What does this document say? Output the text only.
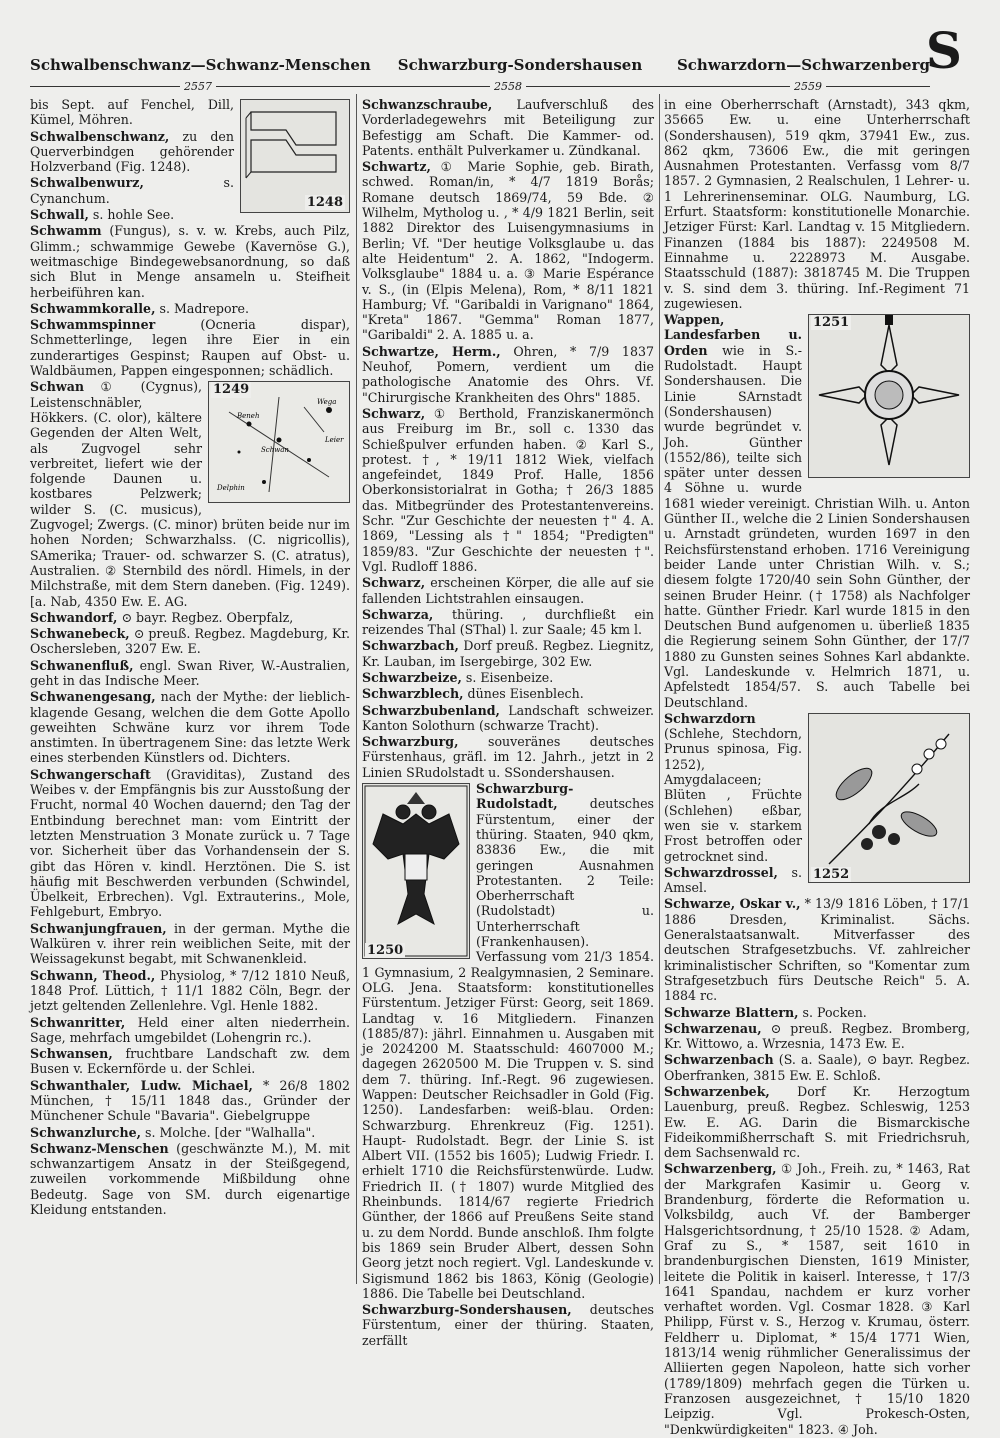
Schwalbenschwanz—Schwanz-Menschen	Schwarzburg-Sondershausen	Schwarzdorn—Schwarzenberg
S
2557	2558	2559
1248

bis Sept. auf Fenchel, Dill, Kümel, Möhren.

Schwalbenschwanz, zu den Querverbindgen gehörender Holzverband (Fig. 1248).

Schwalbenwurz,	s. Cynanchum.

Schwall, s. hohle See.

Schwamm (Fungus), s. v. w. Krebs, auch Pilz, Glimm.; schwammige Gewebe (Kavernöse G.), weitmaschige Bindegewebsanordnung, so daß sich Blut in Menge ansameln u. Steifheit herbeiführen kan.

Schwammkoralle, s. Madrepore.

Schwammspinner	(Ocneria dispar), Schmetterlinge, legen ihre Eier in ein zunderartiges Gespinst; Raupen auf Obst- u. Waldbäumen, Pappen eingesponnen; schädlich.

Beneh
Schwan
Delphin
Wega
Leier
1249

Schwan ① (Cygnus), Leistenschnäbler, Hökkers. (C. olor), kältere Gegenden der Alten Welt, als Zugvogel sehr verbreitet, liefert wie der folgende Daunen u. kostbares Pelzwerk; wilder S. (C. musicus), Zugvogel; Zwergs. (C. minor) brüten beide nur im hohen Norden; Schwarzhalss. (C. nigricollis), SAmerika; Trauer- od. schwarzer S. (C. atratus), Australien. ② Sternbild des nördl. Himels, in der Milchstraße, mit dem Stern daneben. (Fig. 1249). [a. Nab, 4350 Ew. E. AG.

Schwandorf, ⊙ bayr. Regbez. Oberpfalz,

Schwanebeck, ⊙ preuß. Regbez. Magdeburg, Kr. Oschersleben, 3207 Ew. E.

Schwanenfluß, engl. Swan River, W.-Australien, geht in das Indische Meer.

Schwanengesang, nach der Mythe: der lieblich-klagende Gesang, welchen die dem Gotte Apollo geweihten Schwäne kurz vor ihrem Tode anstimten. In übertragenem Sine: das letzte Werk eines sterbenden Künstlers od. Dichters.

Schwangerschaft (Graviditas), Zustand des Weibes v. der Empfängnis bis zur Ausstoßung der Frucht, normal 40 Wochen dauernd; den Tag der Entbindung berechnet man: vom Eintritt der letzten Menstruation 3 Monate zurück u. 7 Tage vor. Sicherheit über das Vorhandensein der S. gibt das Hören v. kindl. Herztönen. Die S. ist häufig mit Beschwerden verbunden (Schwindel, Übelkeit, Erbrechen). Vgl. Extrauterins., Mole, Fehlgeburt, Embryo.

Schwanjungfrauen, in der german. Mythe die Walküren v. ihrer rein weiblichen Seite, mit der Weissagekunst begabt, mit Schwanenkleid.

Schwann, Theod., Physiolog, * 7/12 1810 Neuß, 1848 Prof. Lüttich, † 11/1 1882 Cöln, Begr. der jetzt geltenden Zellenlehre. Vgl. Henle 1882.

Schwanritter, Held einer alten niederrhein. Sage, mehrfach umgebildet (Lohengrin rc.).

Schwansen, fruchtbare Landschaft zw. dem Busen v. Eckernförde u. der Schlei.

Schwanthaler, Ludw. Michael, * 26/8 1802 München, † 15/11 1848 das., Gründer der Münchener Schule "Bavaria". Giebelgruppe

Schwanzlurche, s. Molche. [der "Walhalla".

Schwanz-Menschen (geschwänzte M.), M. mit schwanzartigem Ansatz in der Steißgegend, zuweilen vorkommende Mißbildung ohne Bedeutg. Sage von SM. durch eigenartige Kleidung entstanden.

Schwanzschraube, Laufverschluß des Vorderladegewehrs mit Beteiligung zur Befestigg am Schaft. Die Kammer- od. Patents. enthält Pulverkamer u. Zündkanal.

Schwartz, ① Marie Sophie, geb. Birath, schwed. Roman/in, * 4/7 1819 Borås; Romane deutsch 1869/74, 59 Bde. ② Wilhelm, Mytholog u. , * 4/9 1821 Berlin, seit 1882 Direktor des Luisengymnasiums in Berlin; Vf. "Der heutige Volksglaube u. das alte Heidentum" 2. A. 1862, "Indogerm. Volksglaube" 1884 u. a. ③ Marie Espérance v. S., (in (Elpis Melena), Rom, * 8/11 1821 Hamburg; Vf. "Garibaldi in Varignano" 1864, "Kreta" 1867. "Gemma" Roman 1877, "Garibaldi" 2. A. 1885 u. a.

Schwartze, Herm., Ohren, * 7/9 1837 Neuhof, Pomern, verdient um die pathologische Anatomie des Ohrs. Vf. "Chirurgische Krankheiten des Ohrs" 1885.

Schwarz, ① Berthold, Franziskanermönch aus Freiburg im Br., soll c. 1330 das Schießpulver erfunden haben. ② Karl S., protest. †, * 19/11 1812 Wiek, vielfach angefeindet, 1849 Prof. Halle, 1856 Oberkonsistorialrat in Gotha; † 26/3 1885 das. Mitbegründer des Protestantenvereins. Schr. "Zur Geschichte der neuesten †" 4. A. 1869, "Lessing als †" 1854; "Predigten" 1859/83. "Zur Geschichte der neuesten †". Vgl. Rudloff 1886.

Schwarz, erscheinen Körper, die alle auf sie fallenden Lichtstrahlen einsaugen.

Schwarza, thüring. , durchfließt ein reizendes Thal (SThal) l. zur Saale; 45 km l.

Schwarzbach, Dorf preuß. Regbez. Liegnitz, Kr. Lauban, im Isergebirge, 302 Ew.

Schwarzbeize, s. Eisenbeize.

Schwarzblech, dünes Eisenblech.

Schwarzbubenland, Landschaft schweizer. Kanton Solothurn (schwarze Tracht).

Schwarzburg, souveränes deutsches Fürstenhaus, gräfl. im 12. Jahrh., jetzt in 2 Linien SRudolstadt u. SSondershausen.

1250

Schwarzburg-Rudolstadt,	deutsches Fürstentum, einer der thüring. Staaten, 940 qkm, 83836 Ew., die mit geringen Ausnahmen Protestanten. 2 Teile: Oberherrschaft (Rudolstadt) u. Unterherrschaft (Frankenhausen). Verfassung vom 21/3 1854. 1 Gymnasium, 2 Realgymnasien, 2 Seminare. OLG. Jena. Staatsform: konstitutionelles Fürstentum. Jetziger Fürst: Georg, seit 1869. Landtag v. 16 Mitgliedern. Finanzen (1885/87): jährl. Einnahmen u. Ausgaben mit je 2024200 M. Staatsschuld: 4607000 M.; dagegen 2620500 M. Die Truppen v. S. sind dem 7. thüring. Inf.-Regt. 96 zugewiesen. Wappen: Deutscher Reichsadler in Gold (Fig. 1250). Landesfarben: weiß-blau. Orden: Schwarzburg. Ehrenkreuz (Fig. 1251). Haupt- Rudolstadt. Begr. der Linie S. ist Albert VII. (1552 bis 1605); Ludwig Friedr. I. erhielt 1710 die Reichsfürstenwürde. Ludw. Friedrich II. († 1807) wurde Mitglied des Rheinbunds. 1814/67 regierte Friedrich Günther, der 1866 auf Preußens Seite stand u. zu dem Nordd. Bunde anschloß. Ihm folgte bis 1869 sein Bruder Albert, dessen Sohn Georg jetzt noch regiert. Vgl. Landeskunde v. Sigismund 1862 bis 1863, König (Geologie) 1886. Die Tabelle bei Deutschland.

Schwarzburg-Sondershausen, deutsches Fürstentum, einer der thüring. Staaten, zerfällt

in eine Oberherrschaft (Arnstadt), 343 qkm, 35665 Ew. u. eine Unterherrschaft (Sondershausen), 519 qkm, 37941 Ew., zus. 862 qkm, 73606 Ew., die mit geringen Ausnahmen Protestanten. Verfassg vom 8/7 1857. 2 Gymnasien, 2 Realschulen, 1 Lehrer- u. 1 Lehrerinenseminar. OLG. Naumburg, LG. Erfurt. Staatsform: konstitutionelle Monarchie. Jetziger Fürst: Karl. Landtag v. 15 Mitgliedern. Finanzen (1884 bis 1887): 2249508 M. Einnahme u. 2228973 M. Ausgabe. Staatsschuld (1887): 3818745 M. Die Truppen v. S. sind dem 3. thüring. Inf.-Regiment 71 zugewiesen.

1251

Wappen, Landesfarben u. Orden wie in S.-Rudolstadt. Haupt Sondershausen. Die Linie SArnstadt (Sondershausen) wurde begründet v. Joh. Günther (1552/86), teilte sich später unter dessen 4 Söhne u. wurde 1681 wieder vereinigt. Christian Wilh. u. Anton Günther II., welche die 2 Linien Sondershausen u. Arnstadt gründeten, wurden 1697 in den Reichsfürstenstand erhoben. 1716 Vereinigung beider Lande unter Christian Wilh. v. S.; diesem folgte 1720/40 sein Sohn Günther, der seinen Bruder Heinr. († 1758) als Nachfolger hatte. Günther Friedr. Karl wurde 1815 in den Deutschen Bund aufgenomen u. überließ 1835 die Regierung seinem Sohn Günther, der 17/7 1880 zu Gunsten seines Sohnes Karl abdankte. Vgl. Landeskunde v. Helmrich 1871, u. Apfelstedt 1854/57. S. auch Tabelle bei Deutschland.

1252

Schwarzdorn (Schlehe, Stechdorn, Prunus spinosa, Fig. 1252), Amygdalaceen; Blüten , Früchte (Schlehen) eßbar, wen sie v. starkem Frost betroffen oder getrocknet sind.

Schwarzdrossel, s. Amsel.

Schwarze, Oskar v., * 13/9 1816 Löben, † 17/1 1886 Dresden, Kriminalist. Sächs. Generalstaatsanwalt. Mitverfasser des deutschen Strafgesetzbuchs. Vf. zahlreicher kriminalistischer Schriften, so "Komentar zum Strafgesetzbuch fürs Deutsche Reich" 5. A. 1884 rc.

Schwarze Blattern, s. Pocken.

Schwarzenau, ⊙ preuß. Regbez. Bromberg, Kr. Wittowo, a. Wrzesnia, 1473 Ew. E.

Schwarzenbach (S. a. Saale), ⊙ bayr. Regbez. Oberfranken, 3815 Ew. E. Schloß.

Schwarzenbek, Dorf Kr. Herzogtum Lauenburg, preuß. Regbez. Schleswig, 1253 Ew. E. AG. Darin die Bismarckische Fideikommißherrschaft S. mit Friedrichsruh, dem Sachsenwald rc.

Schwarzenberg, ① Joh., Freih. zu, * 1463, Rat der Markgrafen Kasimir u. Georg v. Brandenburg, förderte die Reformation u. Volksbildg, auch Vf. der Bamberger Halsgerichtsordnung, † 25/10 1528. ② Adam, Graf zu S., * 1587, seit 1610 in brandenburgischen Diensten, 1619 Minister, leitete die Politik in kaiserl. Interesse, † 17/3 1641 Spandau, nachdem er kurz vorher verhaftet worden. Vgl. Cosmar 1828. ③ Karl Philipp, Fürst v. S., Herzog v. Krumau, österr. Feldherr u. Diplomat, * 15/4 1771 Wien, 1813/14 wenig rühmlicher Generalissimus der Alliierten gegen Napoleon, hatte sich vorher (1789/1809) mehrfach gegen die Türken u. Franzosen ausgezeichnet, † 15/10 1820 Leipzig. Vgl. Prokesch-Osten, "Denkwürdigkeiten" 1823. ④ Joh.
